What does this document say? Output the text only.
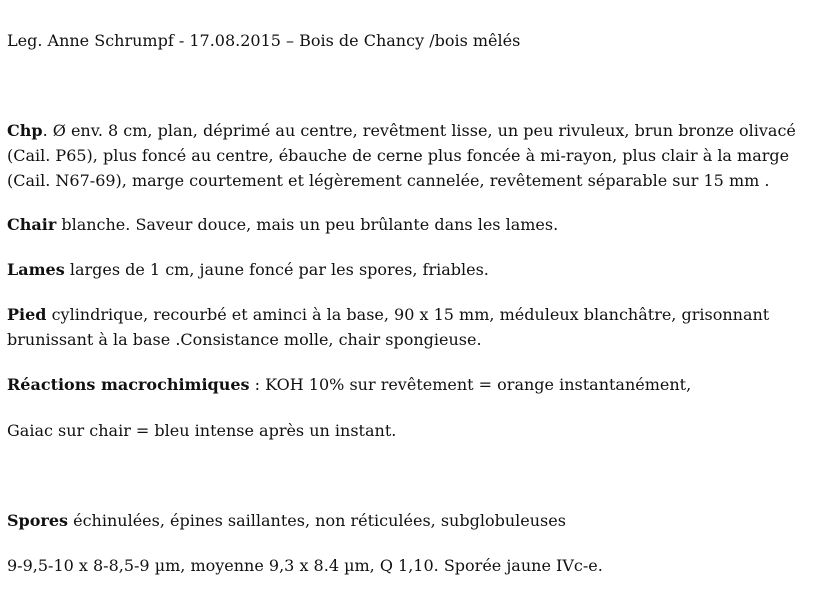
Leg. Anne Schrumpf - 17.08.2015 – Bois de Chancy /bois mêlés

Chp. Ø env. 8 cm, plan, déprimé au centre, revêtment lisse, un peu rivuleux, brun bronze olivacé

(Cail. P65), plus foncé au centre, ébauche de cerne plus foncée à mi-rayon, plus clair à la marge

(Cail. N67-69), marge courtement et légèrement cannelée, revêtement séparable sur 15 mm .

Chair blanche. Saveur douce, mais un peu brûlante dans les lames.

Lames larges de 1 cm, jaune foncé par les spores, friables.

Pied cylindrique, recourbé et aminci à la base, 90 x 15 mm, méduleux blanchâtre, grisonnant

brunissant à la base .Consistance molle, chair spongieuse.

Réactions macrochimiques : KOH 10% sur revêtement = orange instantanément,

Gaiac sur chair = bleu intense après un instant.

Spores échinulées, épines saillantes, non réticulées, subglobuleuses

9-9,5-10 x 8-8,5-9 µm, moyenne 9,3 x 8.4 µm, Q 1,10. Sporée jaune IVc-e.
